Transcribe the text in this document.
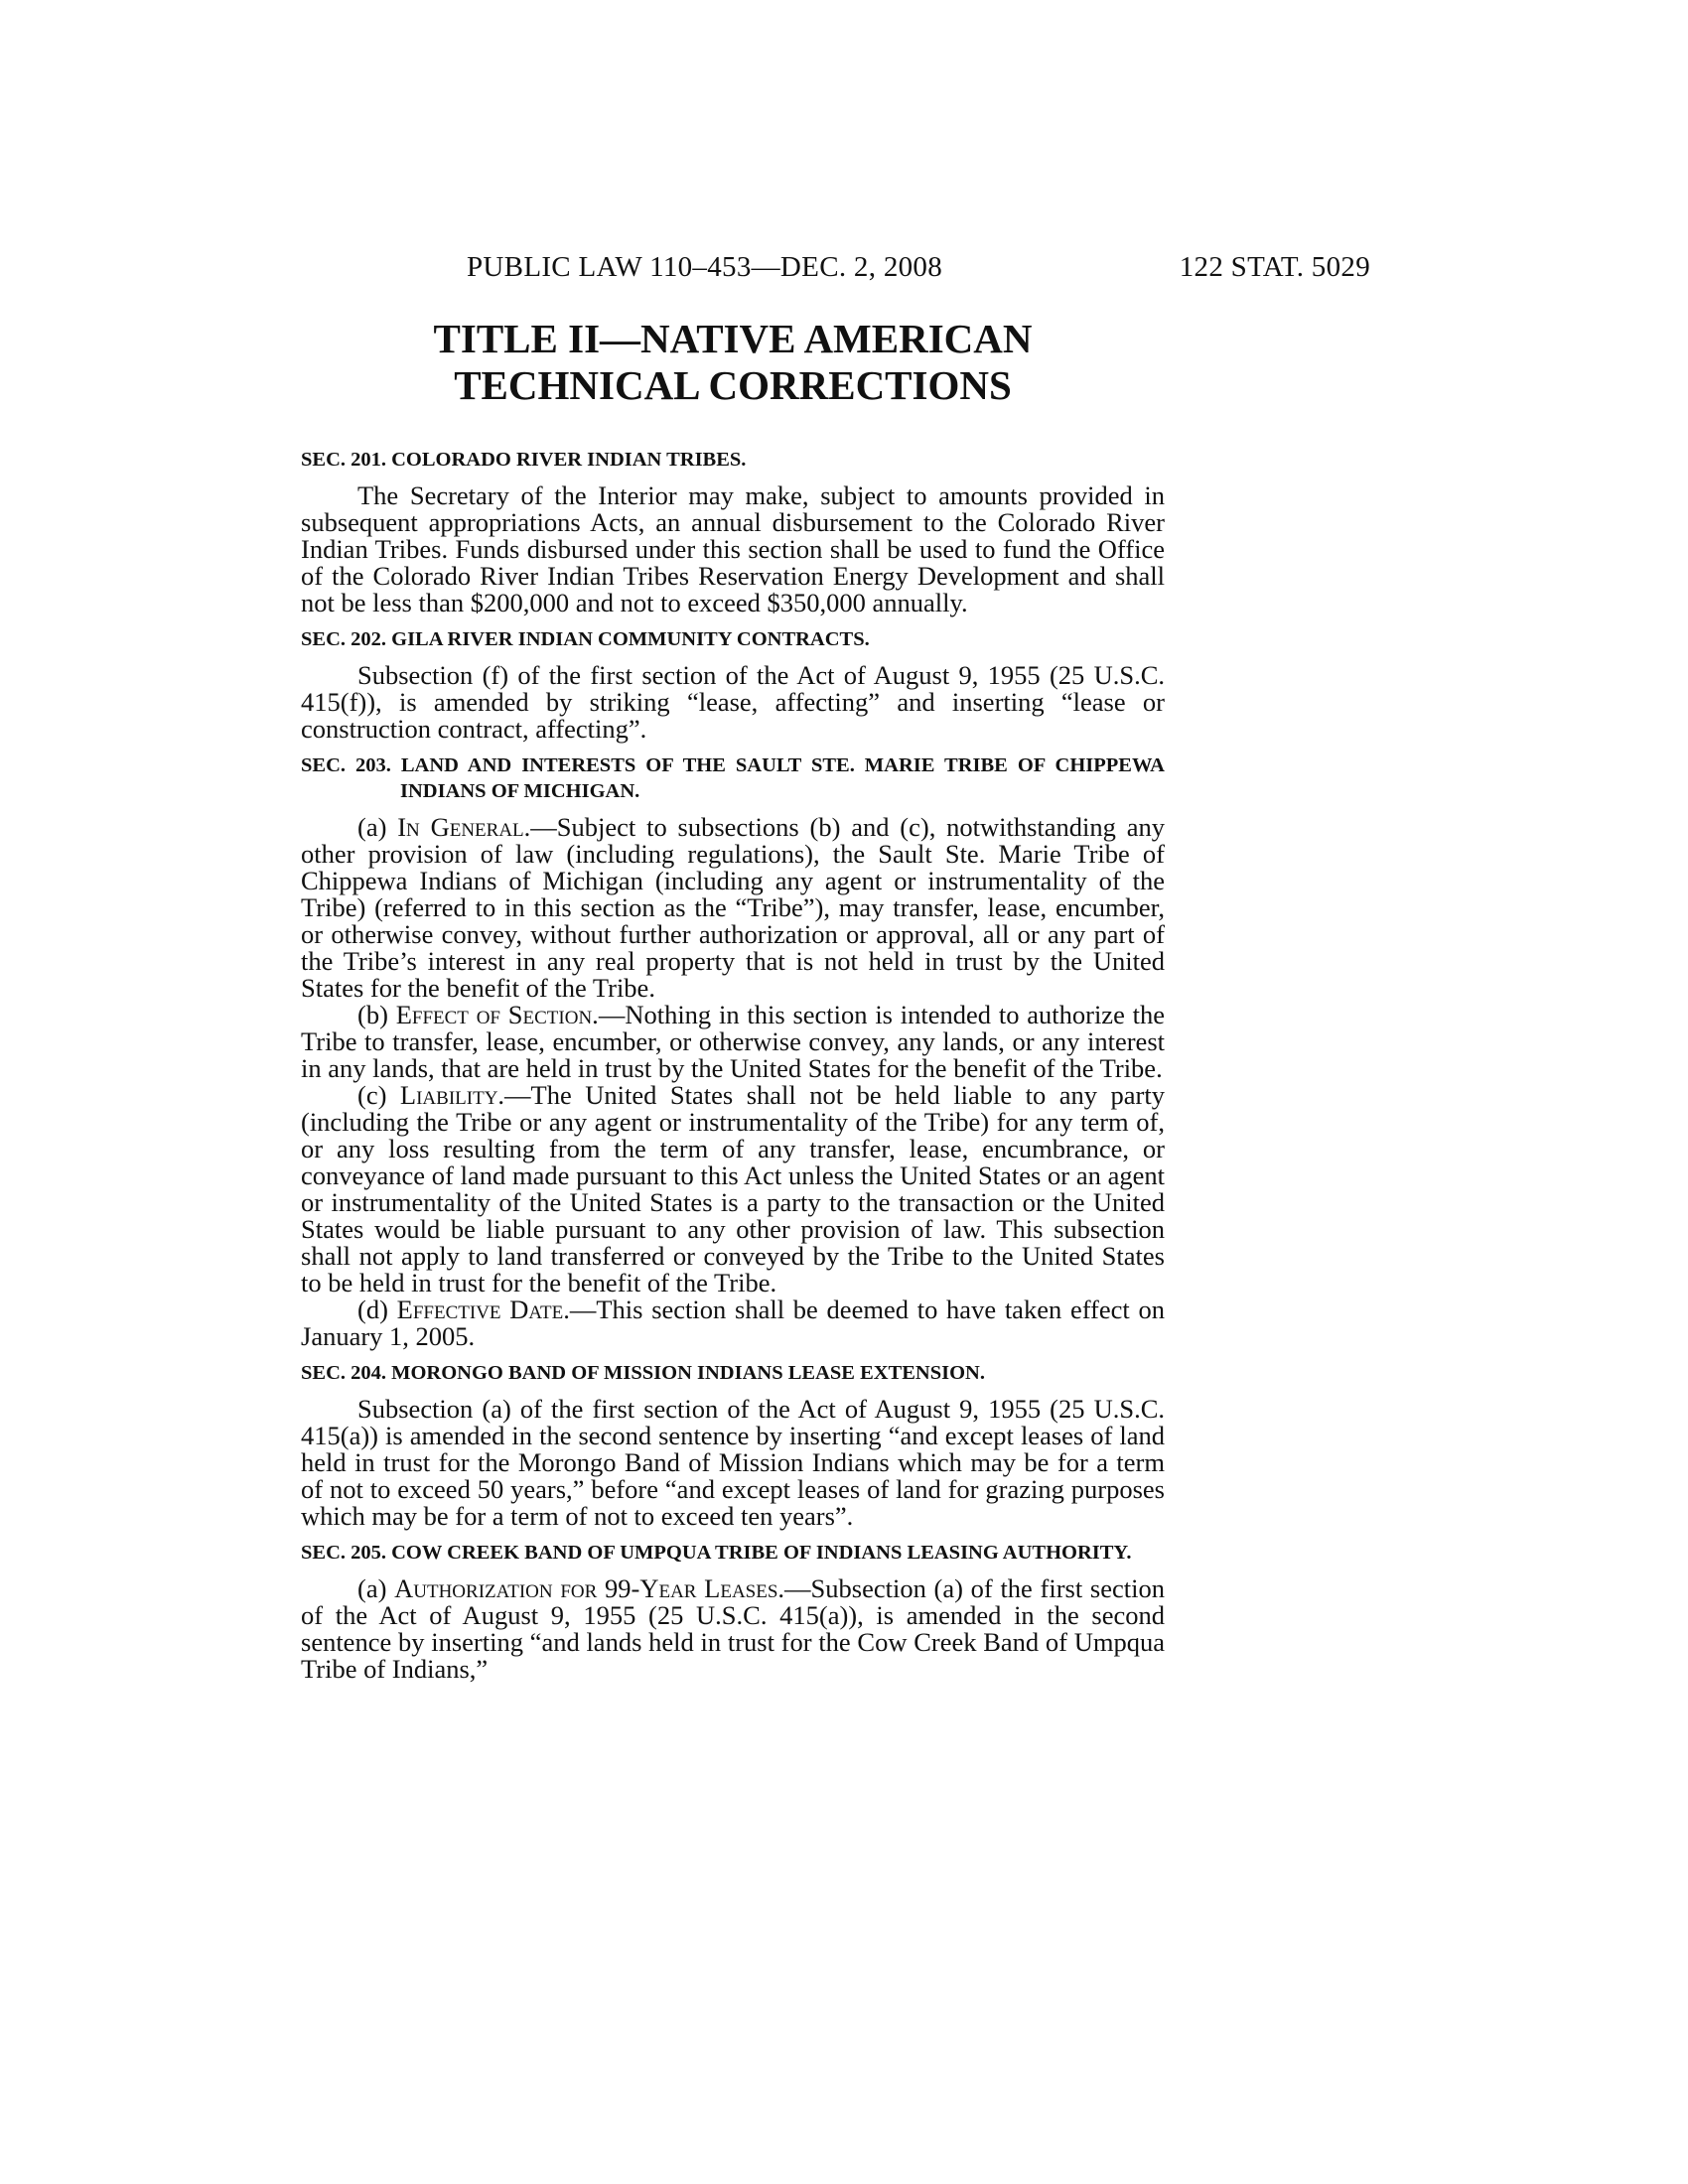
PUBLIC LAW 110–453—DEC. 2, 2008	122 STAT. 5029
TITLE II—NATIVE AMERICAN
TECHNICAL CORRECTIONS
SEC. 201. COLORADO RIVER INDIAN TRIBES.

The Secretary of the Interior may make, subject to amounts provided in subsequent appropriations Acts, an annual disbursement to the Colorado River Indian Tribes. Funds disbursed under this section shall be used to fund the Office of the Colorado River Indian Tribes Reservation Energy Development and shall not be less than $200,000 and not to exceed $350,000 annually.

SEC. 202. GILA RIVER INDIAN COMMUNITY CONTRACTS.

Subsection (f) of the first section of the Act of August 9, 1955 (25 U.S.C. 415(f)), is amended by striking “lease, affecting” and inserting “lease or construction contract, affecting”.

SEC. 203. LAND AND INTERESTS OF THE SAULT STE. MARIE TRIBE OF CHIPPEWA INDIANS OF MICHIGAN.

(a) In General.—Subject to subsections (b) and (c), notwithstanding any other provision of law (including regulations), the Sault Ste. Marie Tribe of Chippewa Indians of Michigan (including any agent or instrumentality of the Tribe) (referred to in this section as the “Tribe”), may transfer, lease, encumber, or otherwise convey, without further authorization or approval, all or any part of the Tribe’s interest in any real property that is not held in trust by the United States for the benefit of the Tribe.

(b) Effect of Section.—Nothing in this section is intended to authorize the Tribe to transfer, lease, encumber, or otherwise convey, any lands, or any interest in any lands, that are held in trust by the United States for the benefit of the Tribe.

(c) Liability.—The United States shall not be held liable to any party (including the Tribe or any agent or instrumentality of the Tribe) for any term of, or any loss resulting from the term of any transfer, lease, encumbrance, or conveyance of land made pursuant to this Act unless the United States or an agent or instrumentality of the United States is a party to the transaction or the United States would be liable pursuant to any other provision of law. This subsection shall not apply to land transferred or conveyed by the Tribe to the United States to be held in trust for the benefit of the Tribe.

(d) Effective Date.—This section shall be deemed to have taken effect on January 1, 2005.

SEC. 204. MORONGO BAND OF MISSION INDIANS LEASE EXTENSION.

Subsection (a) of the first section of the Act of August 9, 1955 (25 U.S.C. 415(a)) is amended in the second sentence by inserting “and except leases of land held in trust for the Morongo Band of Mission Indians which may be for a term of not to exceed 50 years,” before “and except leases of land for grazing purposes which may be for a term of not to exceed ten years”.

SEC. 205. COW CREEK BAND OF UMPQUA TRIBE OF INDIANS LEASING AUTHORITY.

(a) Authorization for 99-Year Leases.—Subsection (a) of the first section of the Act of August 9, 1955 (25 U.S.C. 415(a)), is amended in the second sentence by inserting “and lands held in trust for the Cow Creek Band of Umpqua Tribe of Indians,”
